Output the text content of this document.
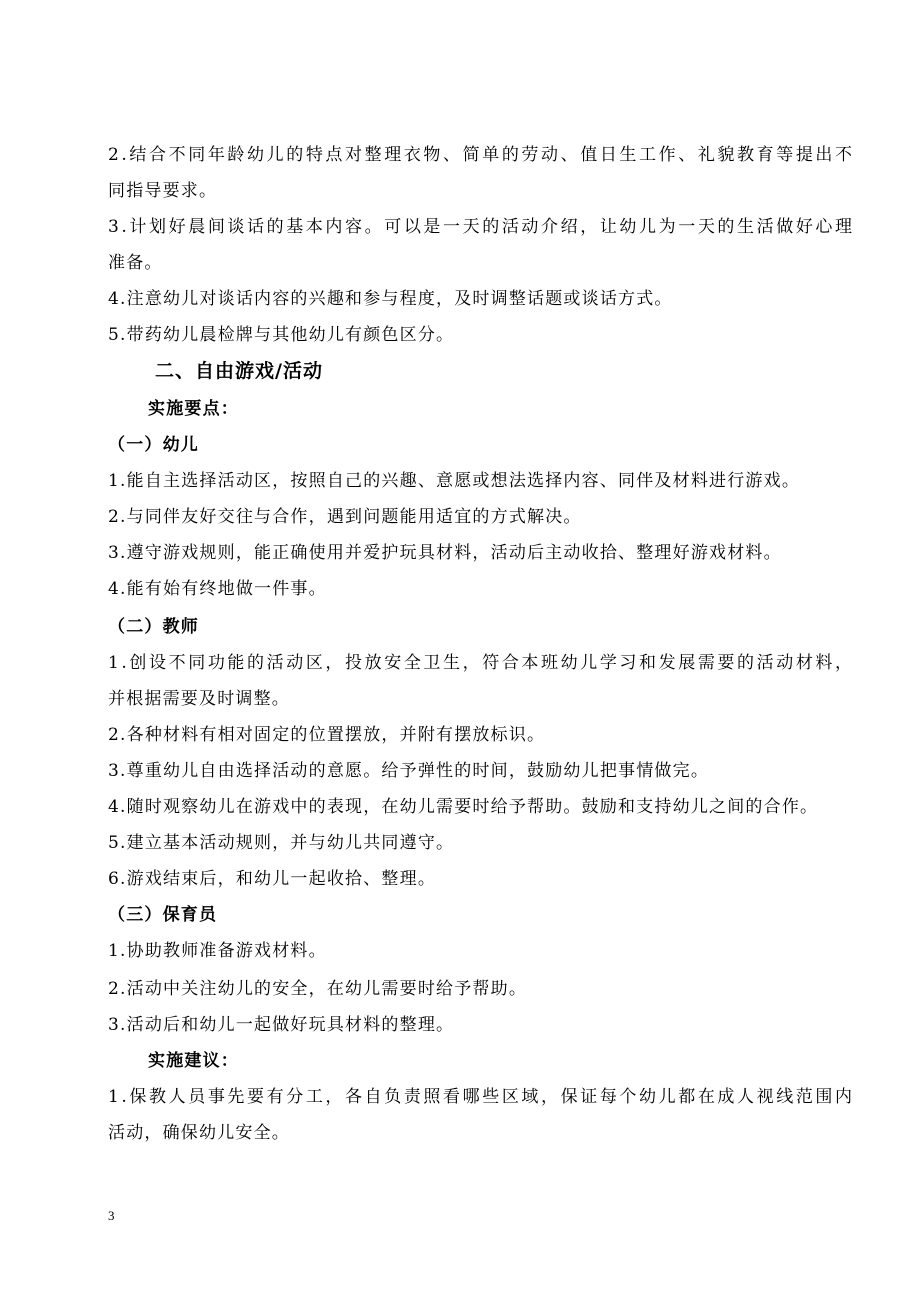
2.结合不同年龄幼儿的特点对整理衣物、简单的劳动、值日生工作、礼貌教育等提出不
同指导要求。
3.计划好晨间谈话的基本内容。可以是一天的活动介绍，让幼儿为一天的生活做好心理
准备。
4.注意幼儿对谈话内容的兴趣和参与程度，及时调整话题或谈话方式。
5.带药幼儿晨检牌与其他幼儿有颜色区分。
二、自由游戏/活动
实施要点：
（一）幼儿
1.能自主选择活动区，按照自己的兴趣、意愿或想法选择内容、同伴及材料进行游戏。
2.与同伴友好交往与合作，遇到问题能用适宜的方式解决。
3.遵守游戏规则，能正确使用并爱护玩具材料，活动后主动收拾、整理好游戏材料。
4.能有始有终地做一件事。
（二）教师
1.创设不同功能的活动区，投放安全卫生，符合本班幼儿学习和发展需要的活动材料，
并根据需要及时调整。
2.各种材料有相对固定的位置摆放，并附有摆放标识。
3.尊重幼儿自由选择活动的意愿。给予弹性的时间，鼓励幼儿把事情做完。
4.随时观察幼儿在游戏中的表现，在幼儿需要时给予帮助。鼓励和支持幼儿之间的合作。
5.建立基本活动规则，并与幼儿共同遵守。
6.游戏结束后，和幼儿一起收拾、整理。
（三）保育员
1.协助教师准备游戏材料。
2.活动中关注幼儿的安全，在幼儿需要时给予帮助。
3.活动后和幼儿一起做好玩具材料的整理。
实施建议：
1.保教人员事先要有分工，各自负责照看哪些区域，保证每个幼儿都在成人视线范围内
活动，确保幼儿安全。
3
